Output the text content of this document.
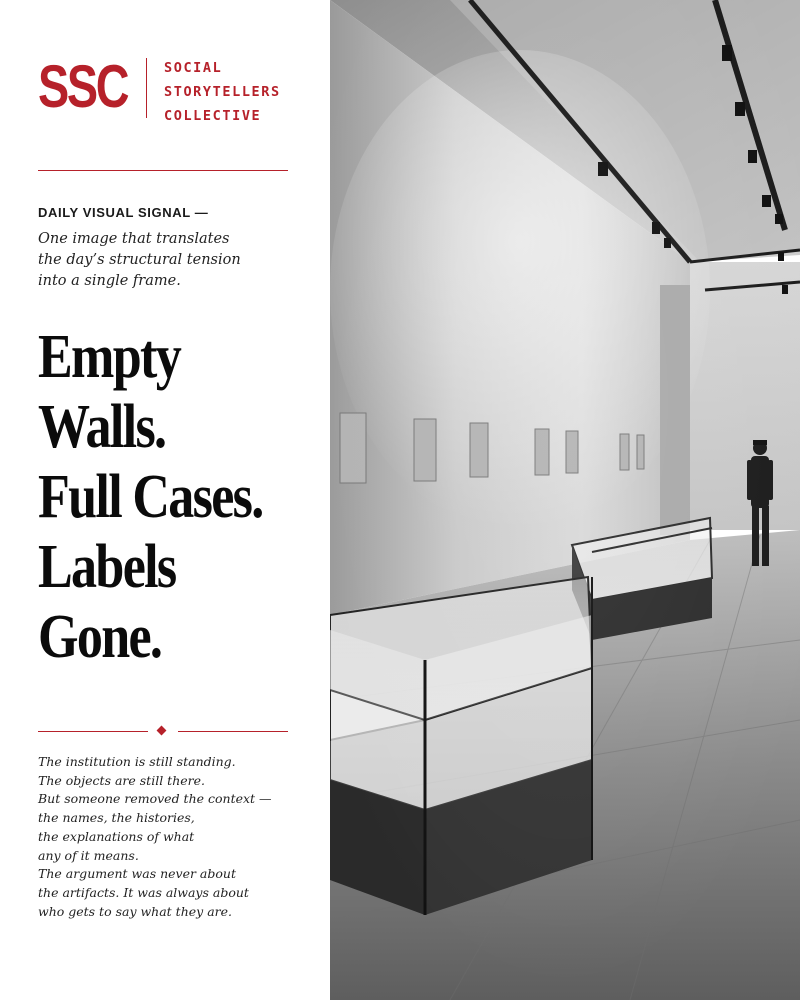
SSC	SOCIAL
STORYTELLERS
COLLECTIVE
DAILY VISUAL SIGNAL —
One image that translates
the day’s structural tension
into a single frame.
Empty
Walls.
Full Cases.
Labels
Gone.
The institution is still standing.
The objects are still there.
But someone removed the context —
the names, the histories,
the explanations of what
any of it means.
The argument was never about
the artifacts. It was always about
who gets to say what they are.
